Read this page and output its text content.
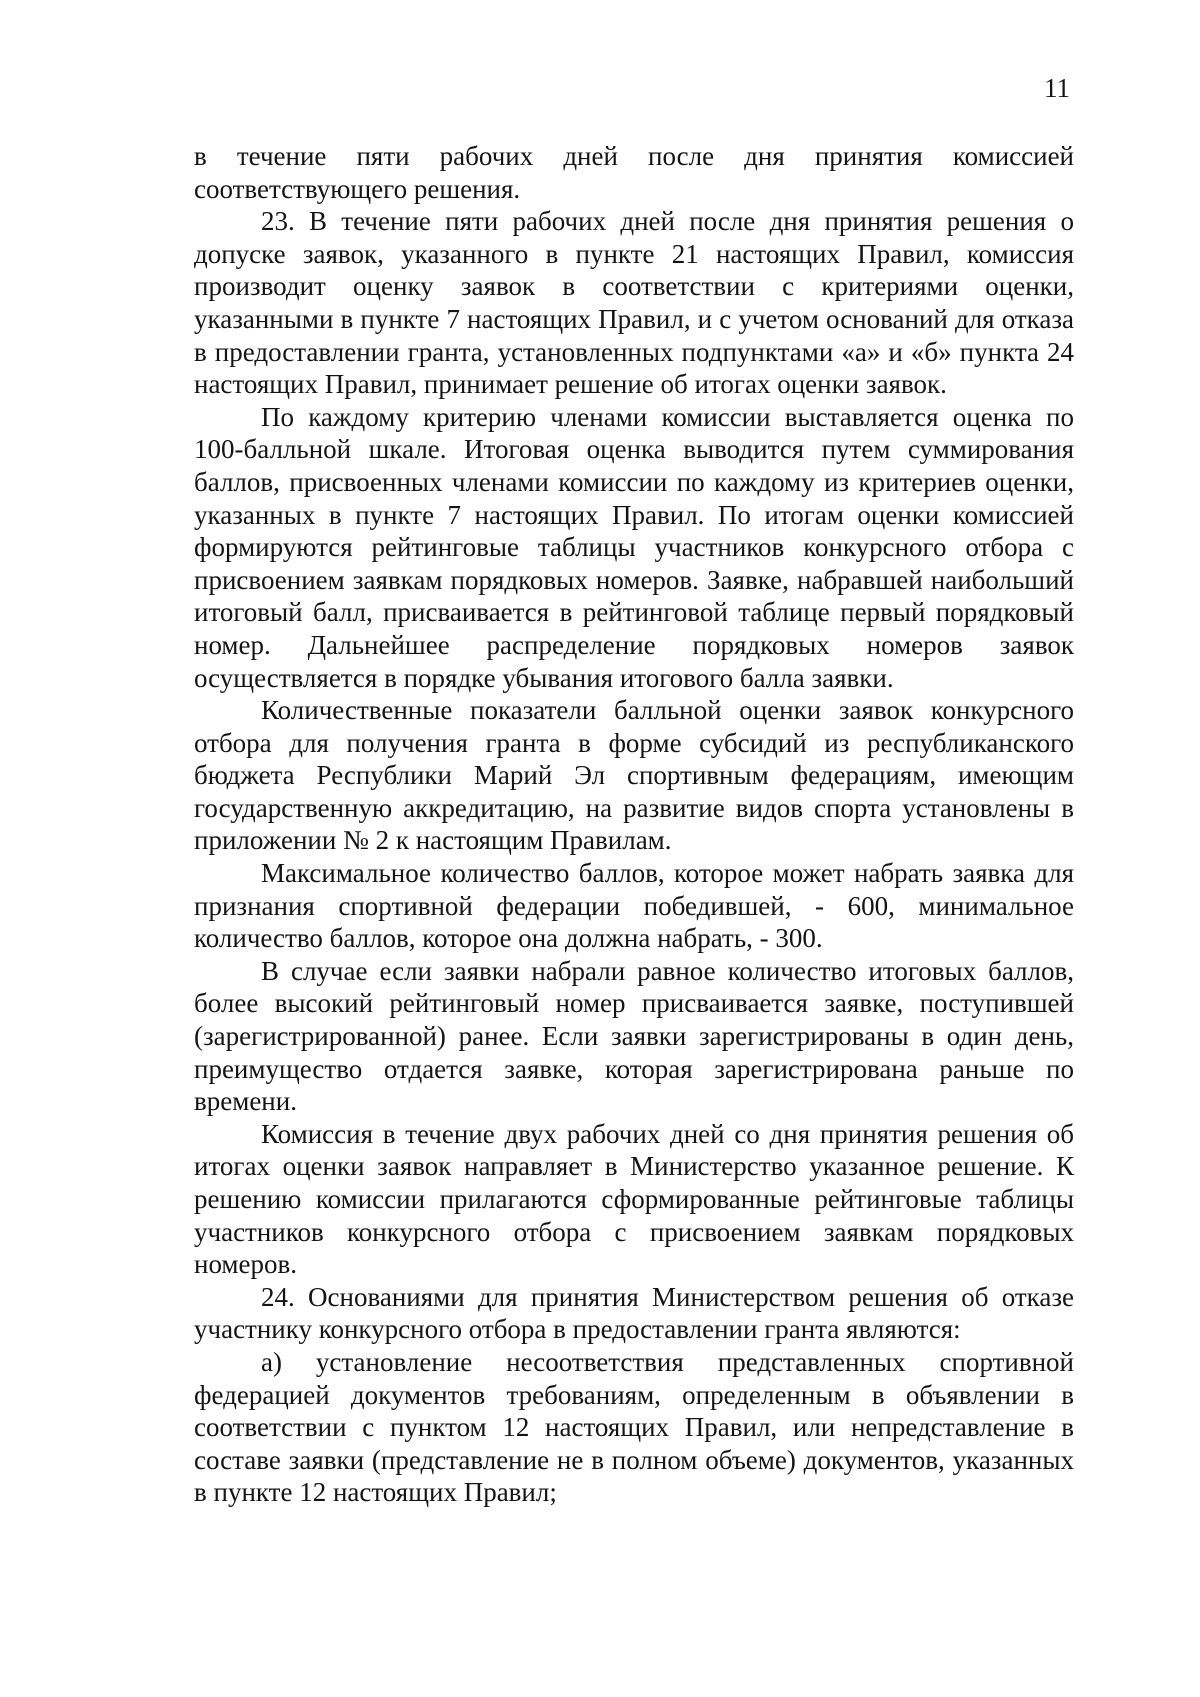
11

в течение пяти рабочих дней после дня принятия комиссией соответствующего решения.

23. В течение пяти рабочих дней после дня принятия решения о допуске заявок, указанного в пункте 21 настоящих Правил, комиссия производит оценку заявок в соответствии с критериями оценки, указанными в пункте 7 настоящих Правил, и с учетом оснований для отказа в предоставлении гранта, установленных подпунктами «а» и «б» пункта 24 настоящих Правил, принимает решение об итогах оценки заявок.

По каждому критерию членами комиссии выставляется оценка по 100-балльной шкале. Итоговая оценка выводится путем суммирования баллов, присвоенных членами комиссии по каждому из критериев оценки, указанных в пункте 7 настоящих Правил. По итогам оценки комиссией формируются рейтинговые таблицы участников конкурсного отбора с присвоением заявкам порядковых номеров. Заявке, набравшей наибольший итоговый балл, присваивается в рейтинговой таблице первый порядковый номер. Дальнейшее распределение порядковых номеров заявок осуществляется в порядке убывания итогового балла заявки.

Количественные показатели балльной оценки заявок конкурсного отбора для получения гранта в форме субсидий из республиканского бюджета Республики Марий Эл спортивным федерациям, имеющим государственную аккредитацию, на развитие видов спорта установлены в приложении № 2 к настоящим Правилам.

Максимальное количество баллов, которое может набрать заявка для признания спортивной федерации победившей, - 600, минимальное количество баллов, которое она должна набрать, - 300.

В случае если заявки набрали равное количество итоговых баллов, более высокий рейтинговый номер присваивается заявке, поступившей (зарегистрированной) ранее. Если заявки зарегистрированы в один день, преимущество отдается заявке, которая зарегистрирована раньше по времени.

Комиссия в течение двух рабочих дней со дня принятия решения об итогах оценки заявок направляет в Министерство указанное решение. К решению комиссии прилагаются сформированные рейтинговые таблицы участников конкурсного отбора с присвоением заявкам порядковых номеров.

24. Основаниями для принятия Министерством решения об отказе участнику конкурсного отбора в предоставлении гранта являются:

а) установление несоответствия представленных спортивной федерацией документов требованиям, определенным в объявлении в соответствии с пунктом 12 настоящих Правил, или непредставление в составе заявки (представление не в полном объеме) документов, указанных в пункте 12 настоящих Правил;
